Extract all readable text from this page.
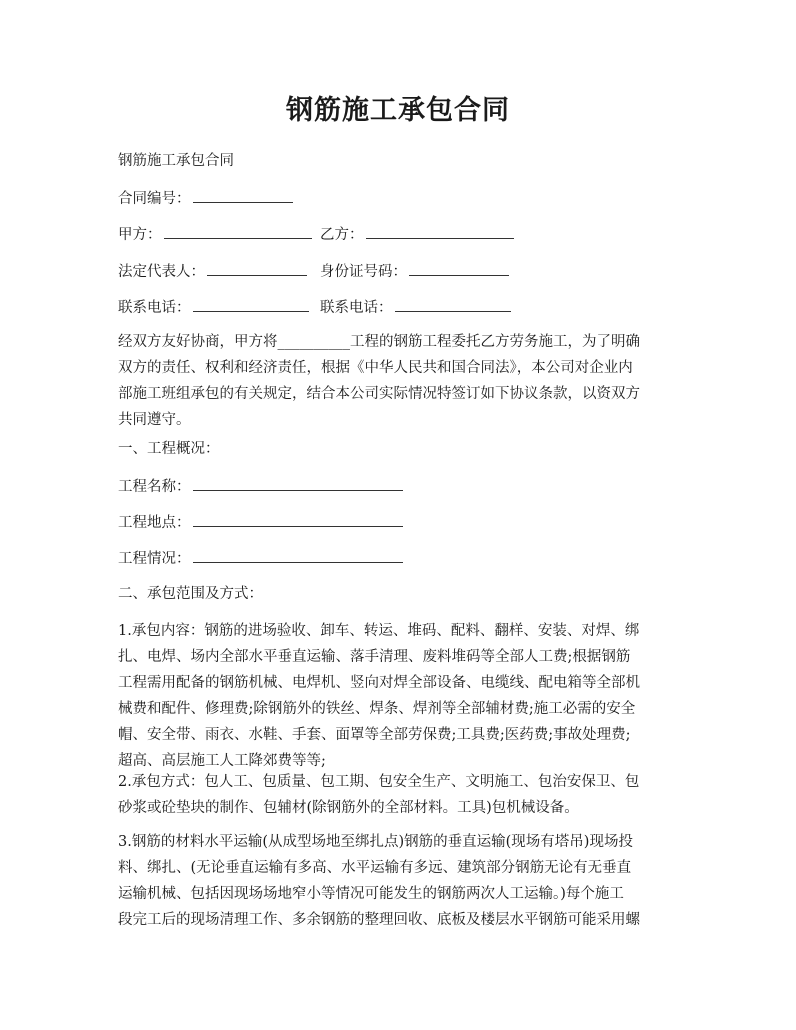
钢筋施工承包合同
钢筋施工承包合同
合同编号：
甲方：	乙方：
法定代表人：	身份证号码：
联系电话：	联系电话：
经双方友好协商，甲方将__________工程的钢筋工程委托乙方劳务施工，为了明确
双方的责任、权利和经济责任，根据《中华人民共和国合同法》，本公司对企业内
部施工班组承包的有关规定，结合本公司实际情况特签订如下协议条款，以资双方
共同遵守。
一、工程概况：
工程名称：
工程地点：
工程情况：
二、承包范围及方式：
1.承包内容：钢筋的进场验收、卸车、转运、堆码、配料、翻样、安装、对焊、绑
扎、电焊、场内全部水平垂直运输、落手清理、废料堆码等全部人工费;根据钢筋
工程需用配备的钢筋机械、电焊机、竖向对焊全部设备、电缆线、配电箱等全部机
械费和配件、修理费;除钢筋外的铁丝、焊条、焊剂等全部辅材费;施工必需的安全
帽、安全带、雨衣、水鞋、手套、面罩等全部劳保费;工具费;医药费;事故处理费;
超高、高层施工人工降郊费等等;
2.承包方式：包人工、包质量、包工期、包安全生产、文明施工、包治安保卫、包
砂浆或砼垫块的制作、包辅材(除钢筋外的全部材料。工具)包机械设备。
3.钢筋的材料水平运输(从成型场地至绑扎点)钢筋的垂直运输(现场有塔吊)现场投
料、绑扎、(无论垂直运输有多高、水平运输有多远、建筑部分钢筋无论有无垂直
运输机械、包括因现场场地窄小等情况可能发生的钢筋两次人工运输。)每个施工
段完工后的现场清理工作、多余钢筋的整理回收、底板及楼层水平钢筋可能采用螺
